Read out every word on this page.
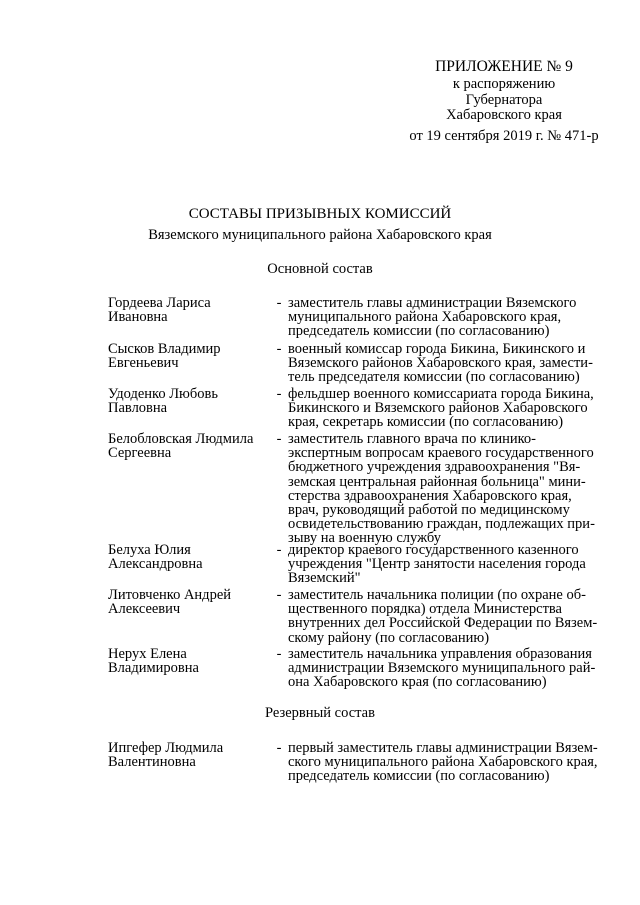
ПРИЛОЖЕНИЕ № 9
к распоряжению
Губернатора
Хабаровского края
от 19 сентября 2019 г. № 471-р
СОСТАВЫ ПРИЗЫВНЫХ КОМИССИЙ
Вяземского муниципального района Хабаровского края
Основной состав
Гордеева Лариса
Ивановна
- заместитель главы администрации Вяземского
муниципального района Хабаровского края,
председатель комиссии (по согласованию)
Сысков Владимир
Евгеньевич
- военный комиссар города Бикина, Бикинского и
Вяземского районов Хабаровского края, замести-
тель председателя комиссии (по согласованию)
Удоденко Любовь
Павловна
- фельдшер военного комиссариата города Бикина,
Бикинского и Вяземского районов Хабаровского
края, секретарь комиссии (по согласованию)
Белобловская Людмила
Сергеевна
- заместитель главного врача по клинико-
экспертным вопросам краевого государственного
бюджетного учреждения здравоохранения "Вя-
земская центральная районная больница" мини-
стерства здравоохранения Хабаровского края,
врач, руководящий работой по медицинскому
освидетельствованию граждан, подлежащих при-
зыву на военную службу
Белуха Юлия
Александровна
- директор краевого государственного казенного
учреждения "Центр занятости населения города
Вяземский"
Литовченко Андрей
Алексеевич
- заместитель начальника полиции (по охране об-
щественного порядка) отдела Министерства
внутренних дел Российской Федерации по Вязем-
скому району (по согласованию)
Нерух Елена
Владимировна
- заместитель начальника управления образования
администрации Вяземского муниципального рай-
она Хабаровского края (по согласованию)
Резервный состав
Ипгефер Людмила
Валентиновна
- первый заместитель главы администрации Вязем-
ского муниципального района Хабаровского края,
председатель комиссии (по согласованию)
